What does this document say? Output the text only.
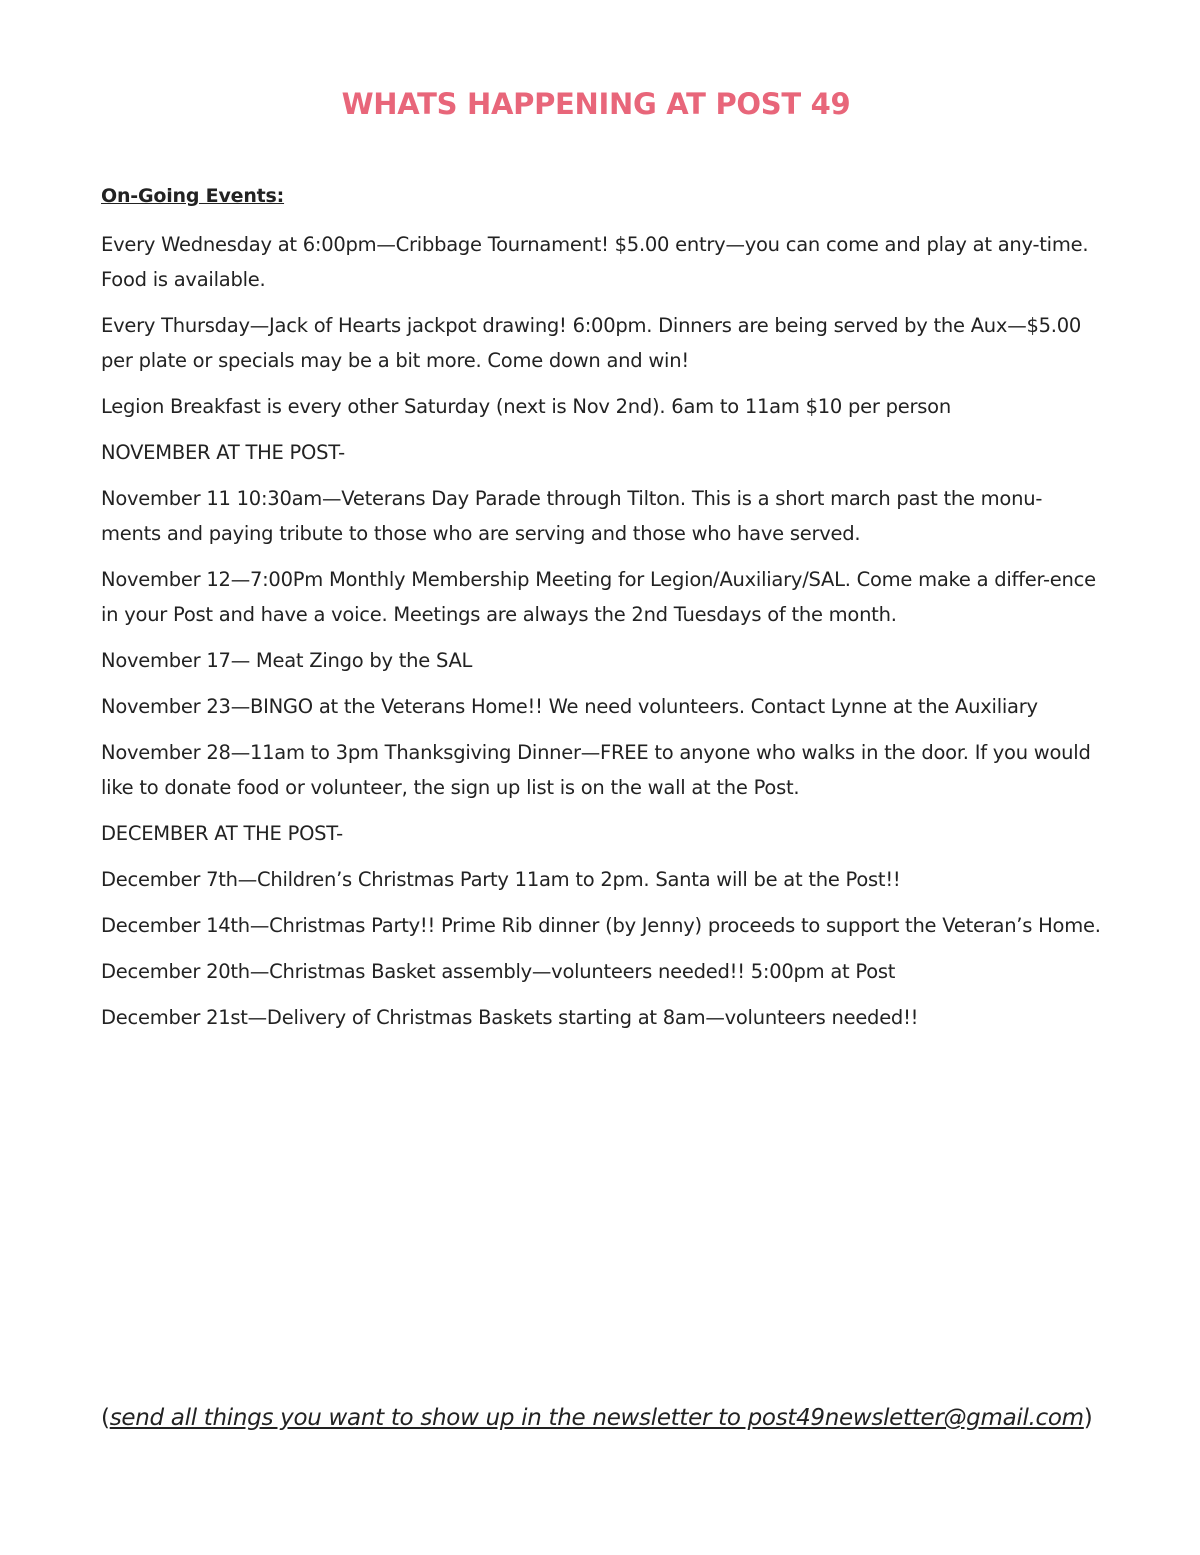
WHATS HAPPENING AT POST 49
On-Going Events:

Every Wednesday at 6:00pm—Cribbage Tournament! $5.00 entry—you can come and play at any-time. Food is available.

Every Thursday—Jack of Hearts jackpot drawing! 6:00pm. Dinners are being served by the Aux—$5.00 per plate or specials may be a bit more. Come down and win!

Legion Breakfast is every other Saturday (next is Nov 2nd). 6am to 11am $10 per person

NOVEMBER AT THE POST-

November 11 10:30am—Veterans Day Parade through Tilton. This is a short march past the monu-ments and paying tribute to those who are serving and those who have served.

November 12—7:00Pm Monthly Membership Meeting for Legion/Auxiliary/SAL. Come make a differ-ence in your Post and have a voice. Meetings are always the 2nd Tuesdays of the month.

November 17— Meat Zingo by the SAL

November 23—BINGO at the Veterans Home!! We need volunteers. Contact Lynne at the Auxiliary

November 28—11am to 3pm Thanksgiving Dinner—FREE to anyone who walks in the door. If you would like to donate food or volunteer, the sign up list is on the wall at the Post.

DECEMBER AT THE POST-

December 7th—Children’s Christmas Party 11am to 2pm. Santa will be at the Post!!

December 14th—Christmas Party!! Prime Rib dinner (by Jenny) proceeds to support the Veteran’s Home.

December 20th—Christmas Basket assembly—volunteers needed!! 5:00pm at Post

December 21st—Delivery of Christmas Baskets starting at 8am—volunteers needed!!

(send all things you want to show up in the newsletter to post49newsletter@gmail.com)
